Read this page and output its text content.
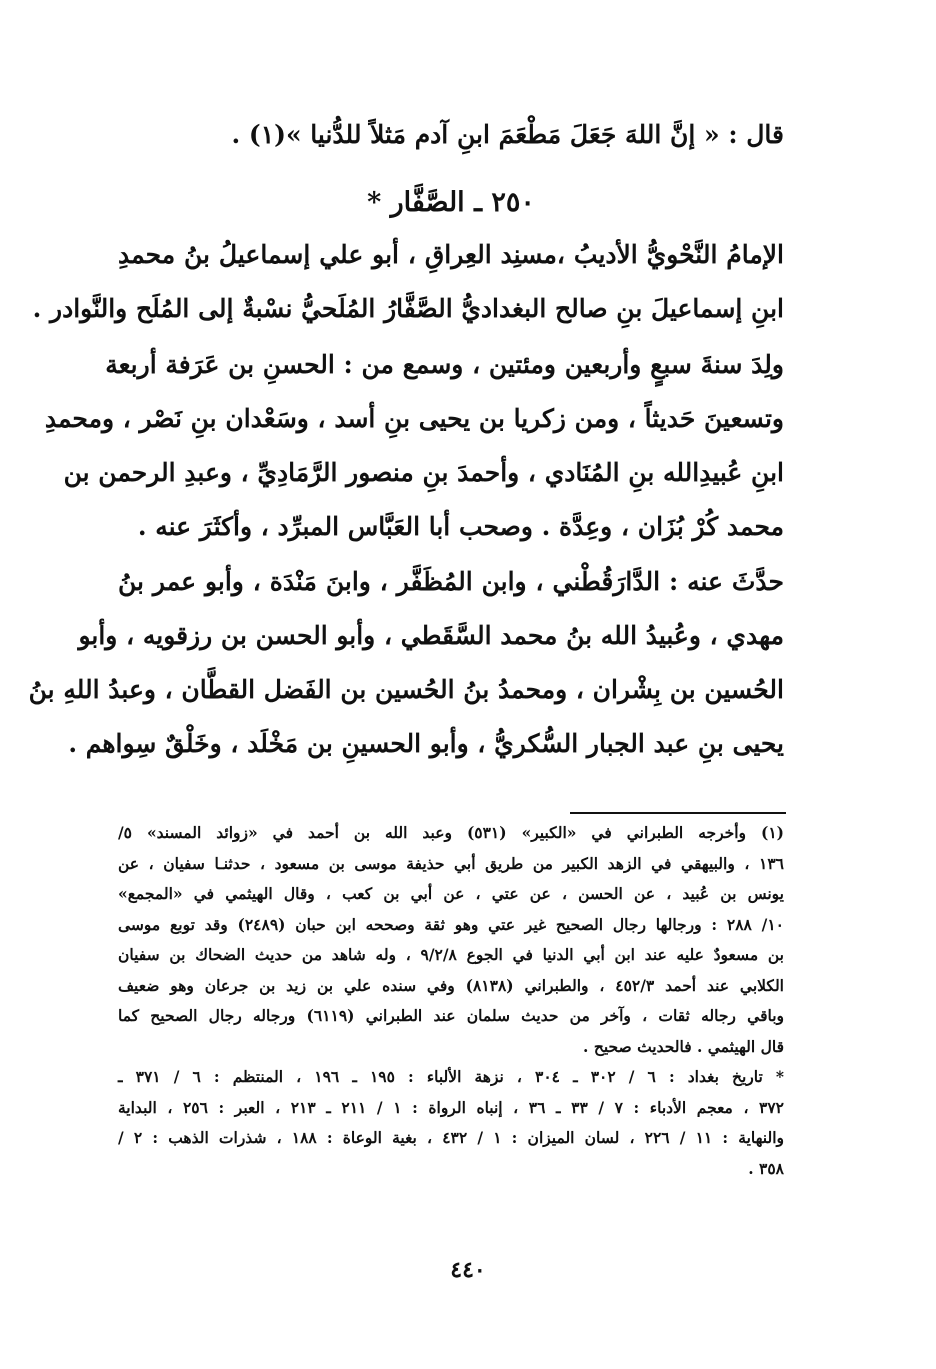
قال : « إنَّ اللهَ جَعَلَ مَطْعَمَ ابنِ آدم مَثلاً للدُّنيا »(١) .
٢٥٠ ـ الصَّفَّار *
الإمامُ النَّحْويُّ الأديبُ ،مسنِد العِراقِ ، أبو علي إسماعيلُ بنُ محمدِ
ابنِ إسماعيلَ بنِ صالح البغداديُّ الصَّفَّارُ المُلَحيُّ نسْبةٌ إلى المُلَح والنَّوادر .
ولِدَ سنةَ سبعٍ وأربعين ومئتين ، وسمع من : الحسنِ بن عَرَفة أربعة
وتسعينَ حَديثاً ، ومن زكريا بن يحيى بنِ أسد ، وسَعْدان بنِ نَصْر ، ومحمدِ
ابنِ عُبيدِالله بنِ المُنَادي ، وأحمدَ بنِ منصور الرَّمَادِيِّ ، وعبدِ الرحمن بن
محمد كُرْ بُزَان ، وعِدَّة . وصحب أبا العَبَّاس المبرِّد ، وأكثَرَ عنه .
حدَّثَ عنه : الدَّارَقُطْني ، وابن المُظَفَّر ، وابنَ مَنْدَة ، وأبو عمر بنُ
مهدي ، وعُبيدُ الله بنُ محمد السَّقَطي ، وأبو الحسن بن رزقويه ، وأبو
الحُسين بن بِشْران ، ومحمدُ بنُ الحُسين بن الفَضل القطَّان ، وعبدُ اللهِ بنُ
يحيى بنِ عبد الجبار السُّكريُّ ، وأبو الحسينِ بن مَخْلَد ، وخَلْقٌ سِواهم .
(١) وأخرجه الطبراني في «الكبير» (٥٣١) وعبد الله بن أحمد في «زوائد المسند» ٥/
١٣٦ ، والبيهقي في الزهد الكبير من طريق أبي حذيفة موسى بن مسعود ، حدثنـا سفيان ، عن
يونس بن عُبيد ، عن الحسن ، عن عتي ، عن أبي بن كعب ، وقال الهيثمي في «المجمع»
١٠/ ٢٨٨ : ورجالها رجال الصحيح غير عتي وهو ثقة وصححه ابن حبان (٢٤٨٩) وقد توبع موسى
بن مسعودٌ عليه عند ابن أبي الدنيا في الجوع ٩/٢/٨ ، وله شاهد من حديث الضحاك بن سفيان
الكلابي عند أحمد ٤٥٢/٣ ، والطبراني (٨١٣٨) وفي سنده علي بن زيد بن جرعان وهو ضعيف
وباقي رجاله ثقات ، وآخر من حديث سلمان عند الطبراني (٦١١٩) ورجاله رجال الصحيح كما
قال الهيثمي . فالحديث صحيح .
* تاريخ بغداد : ٦ / ٣٠٢ ـ ٣٠٤ ، نزهة الألباء : ١٩٥ ـ ١٩٦ ، المنتظم : ٦ / ٣٧١ ـ
٣٧٢ ، معجم الأدباء : ٧ / ٣٣ ـ ٣٦ ، إنباه الرواة : ١ / ٢١١ ـ ٢١٣ ، العبر : ٢٥٦ ، البداية
والنهاية : ١١ / ٢٢٦ ، لسان الميزان : ١ / ٤٣٢ ، بغية الوعاة : ١٨٨ ، شذرات الذهب : ٢ /
٣٥٨ .
٤٤٠
